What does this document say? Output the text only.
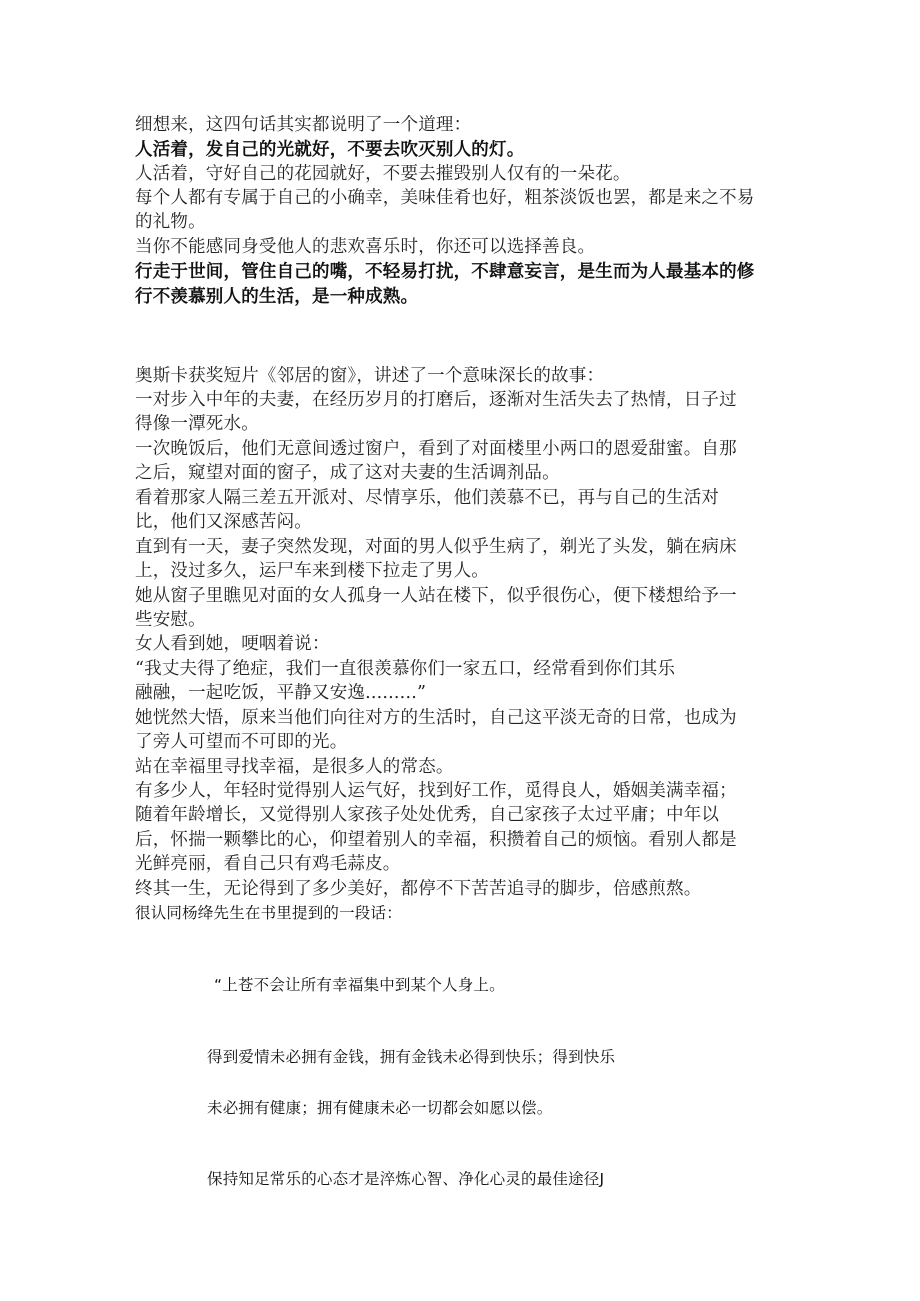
细想来，这四句话其实都说明了一个道理：
人活着，发自己的光就好，不要去吹灭别人的灯。
人活着，守好自己的花园就好，不要去摧毁别人仅有的一朵花。
每个人都有专属于自己的小确幸，美味佳肴也好，粗茶淡饭也罢，都是来之不易
的礼物。
当你不能感同身受他人的悲欢喜乐时，你还可以选择善良。
行走于世间，管住自己的嘴，不轻易打扰，不肆意妄言，是生而为人最基本的修
行不羡慕别人的生活，是一种成熟。
奥斯卡获奖短片《邻居的窗》，讲述了一个意味深长的故事：
一对步入中年的夫妻，在经历岁月的打磨后，逐渐对生活失去了热情，日子过
得像一潭死水。
一次晚饭后，他们无意间透过窗户，看到了对面楼里小两口的恩爱甜蜜。自那
之后，窥望对面的窗子，成了这对夫妻的生活调剂品。
看着那家人隔三差五开派对、尽情享乐，他们羡慕不已，再与自己的生活对
比，他们又深感苦闷。
直到有一天，妻子突然发现，对面的男人似乎生病了，剃光了头发，躺在病床
上，没过多久，运尸车来到楼下拉走了男人。
她从窗子里瞧见对面的女人孤身一人站在楼下，似乎很伤心，便下楼想给予一
些安慰。
女人看到她，哽咽着说：
“我丈夫得了绝症，我们一直很羡慕你们一家五口，经常看到你们其乐
融融，一起吃饭，平静又安逸.........”
她恍然大悟，原来当他们向往对方的生活时，自己这平淡无奇的日常，也成为
了旁人可望而不可即的光。
站在幸福里寻找幸福，是很多人的常态。
有多少人，年轻时觉得别人运气好，找到好工作，觅得良人，婚姻美满幸福；
随着年龄增长，又觉得别人家孩子处处优秀，自己家孩子太过平庸；中年以
后，怀揣一颗攀比的心，仰望着别人的幸福，积攒着自己的烦恼。看别人都是
光鲜亮丽，看自己只有鸡毛蒜皮。
终其一生，无论得到了多少美好，都停不下苦苦追寻的脚步，倍感煎熬。
很认同杨绛先生在书里提到的一段话：
“上苍不会让所有幸福集中到某个人身上。
得到爱情未必拥有金钱，拥有金钱未必得到快乐；得到快乐
未必拥有健康；拥有健康未必一切都会如愿以偿。
保持知足常乐的心态才是淬炼心智、净化心灵的最佳途径J
